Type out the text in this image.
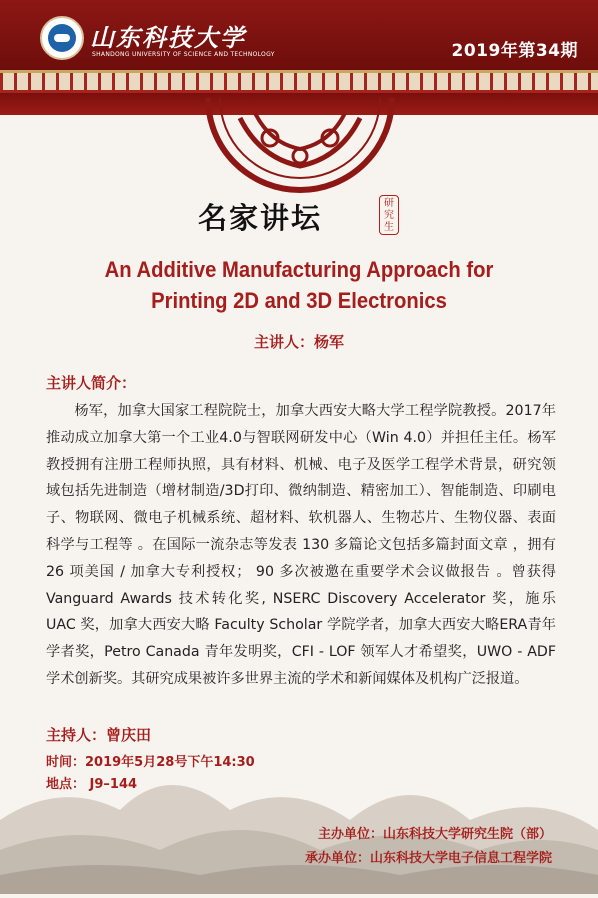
山东科技大学
SHANDONG UNIVERSITY OF SCIENCE AND TECHNOLOGY	2019年第34期
名家讲坛	研究生
An Additive Manufacturing Approach for
Printing 2D and 3D Electronics
主讲人：杨军
主讲人简介：

杨军，加拿大国家工程院院士，加拿大西安大略大学工程学院教授。2017年推动成立加拿大第一个工业4.0与智联网研发中心（Win 4.0）并担任主任。杨军教授拥有注册工程师执照，具有材料、机械、电子及医学工程学术背景，研究领域包括先进制造（增材制造/3D打印、微纳制造、精密加工）、智能制造、印刷电子、物联网、微电子机械系统、超材料、软机器人、生物芯片、生物仪器、表面科学与工程等 。在国际一流杂志等发表 130 多篇论文包括多篇封面文章 ，拥有 26 项美国 / 加拿大专利授权； 90 多次被邀在重要学术会议做报告 。曾获得 Vanguard Awards 技术转化奖, NSERC Discovery Accelerator 奖，施乐 UAC 奖，加拿大西安大略 Faculty Scholar 学院学者，加拿大西安大略ERA青年学者奖，Petro Canada 青年发明奖，CFI - LOF 领军人才希望奖，UWO - ADF 学术创新奖。其研究成果被许多世界主流的学术和新闻媒体及机构广泛报道。

主持人：曾庆田
时间：2019年5月28号下午14:30
地点： J9–144
主办单位：山东科技大学研究生院（部）
承办单位：山东科技大学电子信息工程学院
